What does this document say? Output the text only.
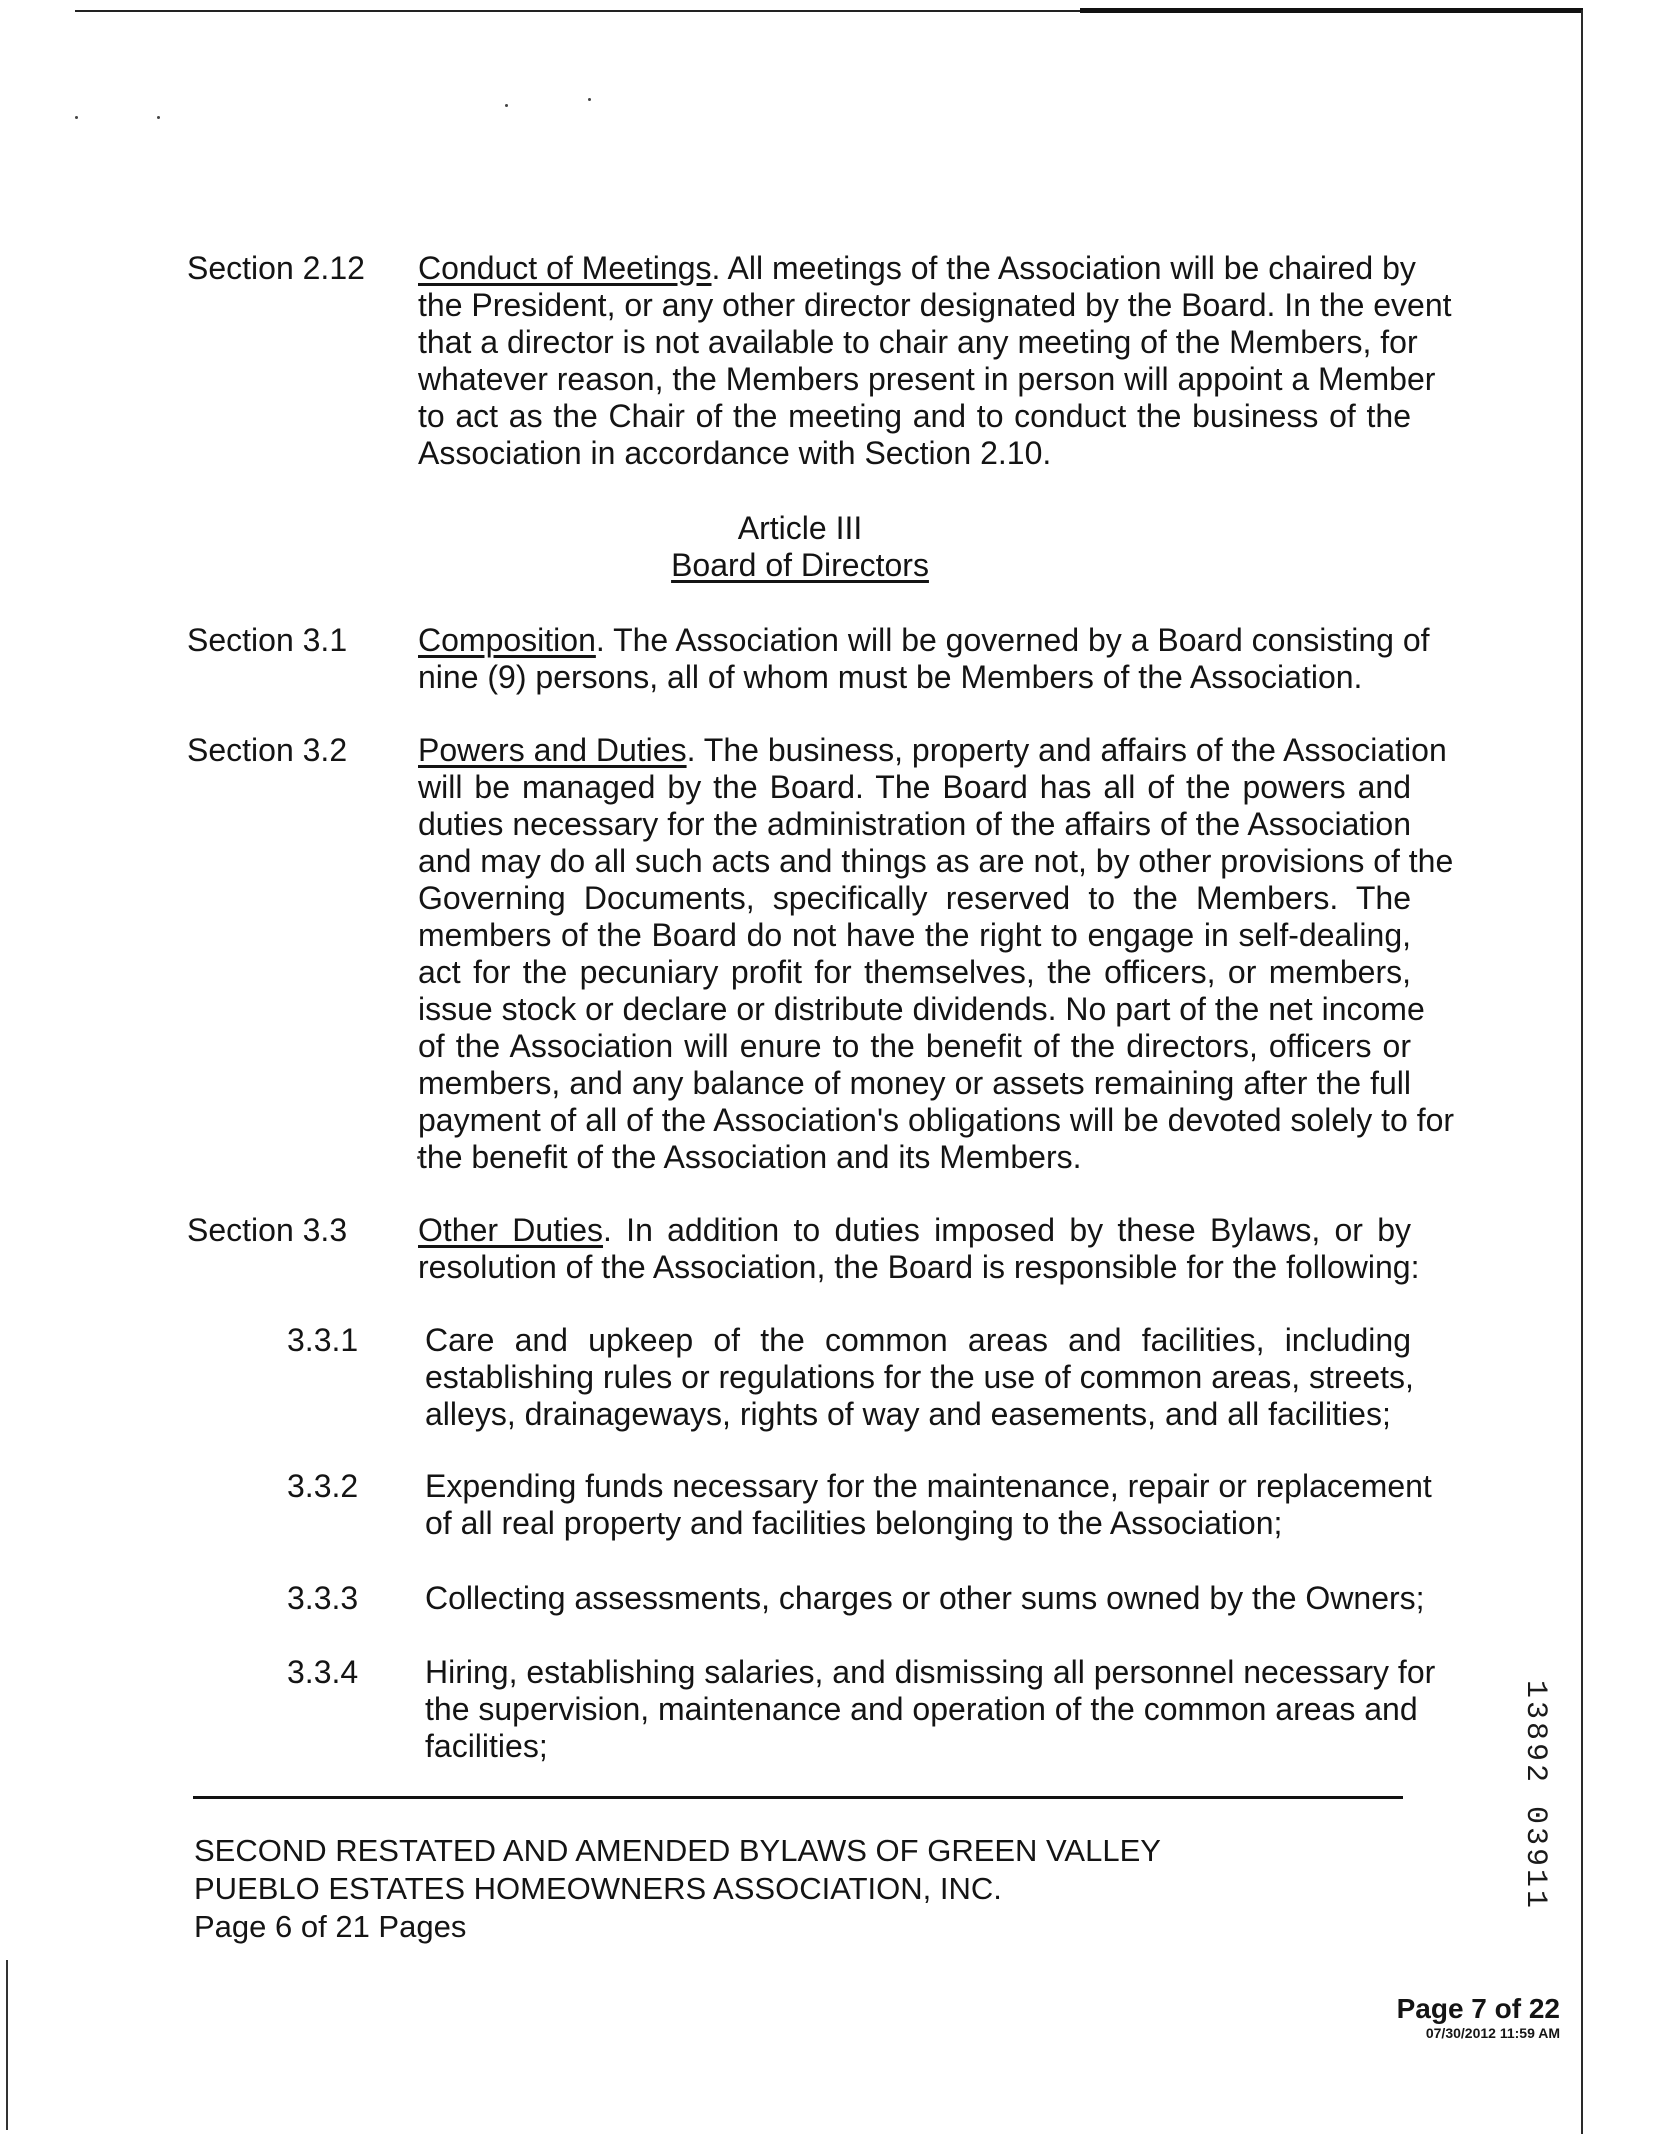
Section 2.12	Conduct of Meetings. All meetings of the Association will be chaired by
the President, or any other director designated by the Board. In the event
that a director is not available to chair any meeting of the Members, for
whatever reason, the Members present in person will appoint a Member
to act as the Chair of the meeting and to conduct the business of the
Association in accordance with Section 2.10.
Article III
Board of Directors
Section 3.1	Composition. The Association will be governed by a Board consisting of
nine (9) persons, all of whom must be Members of the Association.
Section 3.2	Powers and Duties. The business, property and affairs of the Association
will be managed by the Board. The Board has all of the powers and
duties necessary for the administration of the affairs of the Association
and may do all such acts and things as are not, by other provisions of the
Governing Documents, specifically reserved to the Members. The
members of the Board do not have the right to engage in self-dealing,
act for the pecuniary profit for themselves, the officers, or members,
issue stock or declare or distribute dividends. No part of the net income
of the Association will enure to the benefit of the directors, officers or
members, and any balance of money or assets remaining after the full
payment of all of the Association's obligations will be devoted solely to for
the benefit of the Association and its Members.
Section 3.3	Other Duties. In addition to duties imposed by these Bylaws, or by
resolution of the Association, the Board is responsible for the following:
3.3.1	Care and upkeep of the common areas and facilities, including
establishing rules or regulations for the use of common areas, streets,
alleys, drainageways, rights of way and easements, and all facilities;
3.3.2	Expending funds necessary for the maintenance, repair or replacement
of all real property and facilities belonging to the Association;
3.3.3	Collecting assessments, charges or other sums owned by the Owners;
3.3.4	Hiring, establishing salaries, and dismissing all personnel necessary for
the supervision, maintenance and operation of the common areas and
facilities;
SECOND RESTATED AND AMENDED BYLAWS OF GREEN VALLEY
PUEBLO ESTATES HOMEOWNERS ASSOCIATION, INC.
Page 6 of 21 Pages
Page 7 of 22
07/30/2012 11:59 AM
13892 03911
